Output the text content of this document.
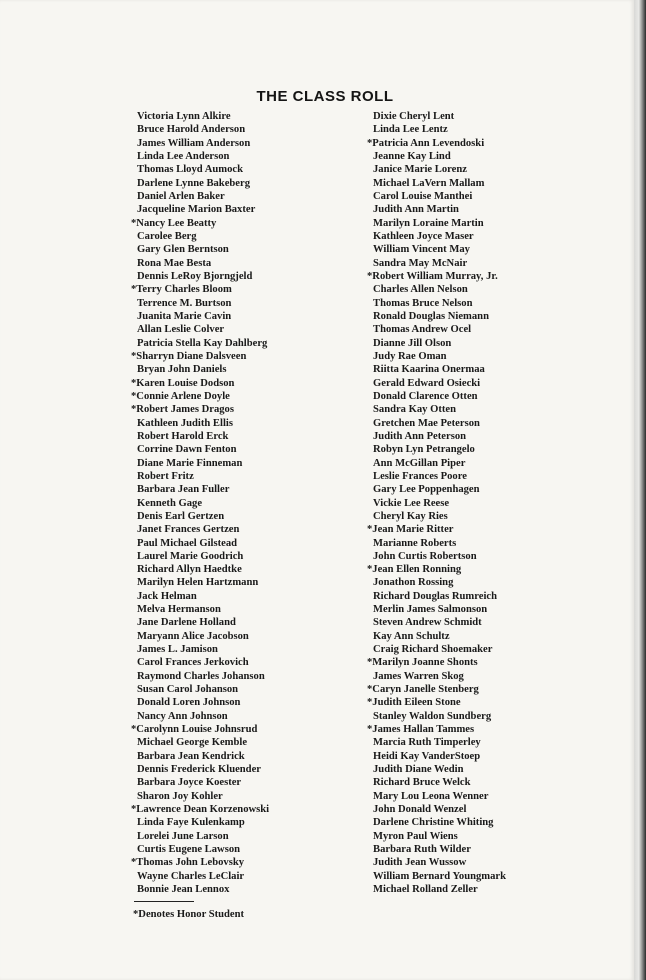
THE CLASS ROLL
Victoria Lynn Alkire
Bruce Harold Anderson
James William Anderson
Linda Lee Anderson
Thomas Lloyd Aumock
Darlene Lynne Bakeberg
Daniel Arlen Baker
Jacqueline Marion Baxter
*Nancy Lee Beatty
Carolee Berg
Gary Glen Berntson
Rona Mae Besta
Dennis LeRoy Bjorngjeld
*Terry Charles Bloom
Terrence M. Burtson
Juanita Marie Cavin
Allan Leslie Colver
Patricia Stella Kay Dahlberg
*Sharryn Diane Dalsveen
Bryan John Daniels
*Karen Louise Dodson
*Connie Arlene Doyle
*Robert James Dragos
Kathleen Judith Ellis
Robert Harold Erck
Corrine Dawn Fenton
Diane Marie Finneman
Robert Fritz
Barbara Jean Fuller
Kenneth Gage
Denis Earl Gertzen
Janet Frances Gertzen
Paul Michael Gilstead
Laurel Marie Goodrich
Richard Allyn Haedtke
Marilyn Helen Hartzmann
Jack Helman
Melva Hermanson
Jane Darlene Holland
Maryann Alice Jacobson
James L. Jamison
Carol Frances Jerkovich
Raymond Charles Johanson
Susan Carol Johanson
Donald Loren Johnson
Nancy Ann Johnson
*Carolynn Louise Johnsrud
Michael George Kemble
Barbara Jean Kendrick
Dennis Frederick Kluender
Barbara Joyce Koester
Sharon Joy Kohler
*Lawrence Dean Korzenowski
Linda Faye Kulenkamp
Lorelei June Larson
Curtis Eugene Lawson
*Thomas John Lebovsky
Wayne Charles LeClair
Bonnie Jean Lennox
Dixie Cheryl Lent
Linda Lee Lentz
*Patricia Ann Levendoski
Jeanne Kay Lind
Janice Marie Lorenz
Michael LaVern Mallam
Carol Louise Manthei
Judith Ann Martin
Marilyn Loraine Martin
Kathleen Joyce Maser
William Vincent May
Sandra May McNair
*Robert William Murray, Jr.
Charles Allen Nelson
Thomas Bruce Nelson
Ronald Douglas Niemann
Thomas Andrew Ocel
Dianne Jill Olson
Judy Rae Oman
Riitta Kaarina Onermaa
Gerald Edward Osiecki
Donald Clarence Otten
Sandra Kay Otten
Gretchen Mae Peterson
Judith Ann Peterson
Robyn Lyn Petrangelo
Ann McGillan Piper
Leslie Frances Poore
Gary Lee Poppenhagen
Vickie Lee Reese
Cheryl Kay Ries
*Jean Marie Ritter
Marianne Roberts
John Curtis Robertson
*Jean Ellen Ronning
Jonathon Rossing
Richard Douglas Rumreich
Merlin James Salmonson
Steven Andrew Schmidt
Kay Ann Schultz
Craig Richard Shoemaker
*Marilyn Joanne Shonts
James Warren Skog
*Caryn Janelle Stenberg
*Judith Eileen Stone
Stanley Waldon Sundberg
*James Hallan Tammes
Marcia Ruth Timperley
Heidi Kay VanderStoep
Judith Diane Wedin
Richard Bruce Welck
Mary Lou Leona Wenner
John Donald Wenzel
Darlene Christine Whiting
Myron Paul Wiens
Barbara Ruth Wilder
Judith Jean Wussow
William Bernard Youngmark
Michael Rolland Zeller
*Denotes Honor Student
